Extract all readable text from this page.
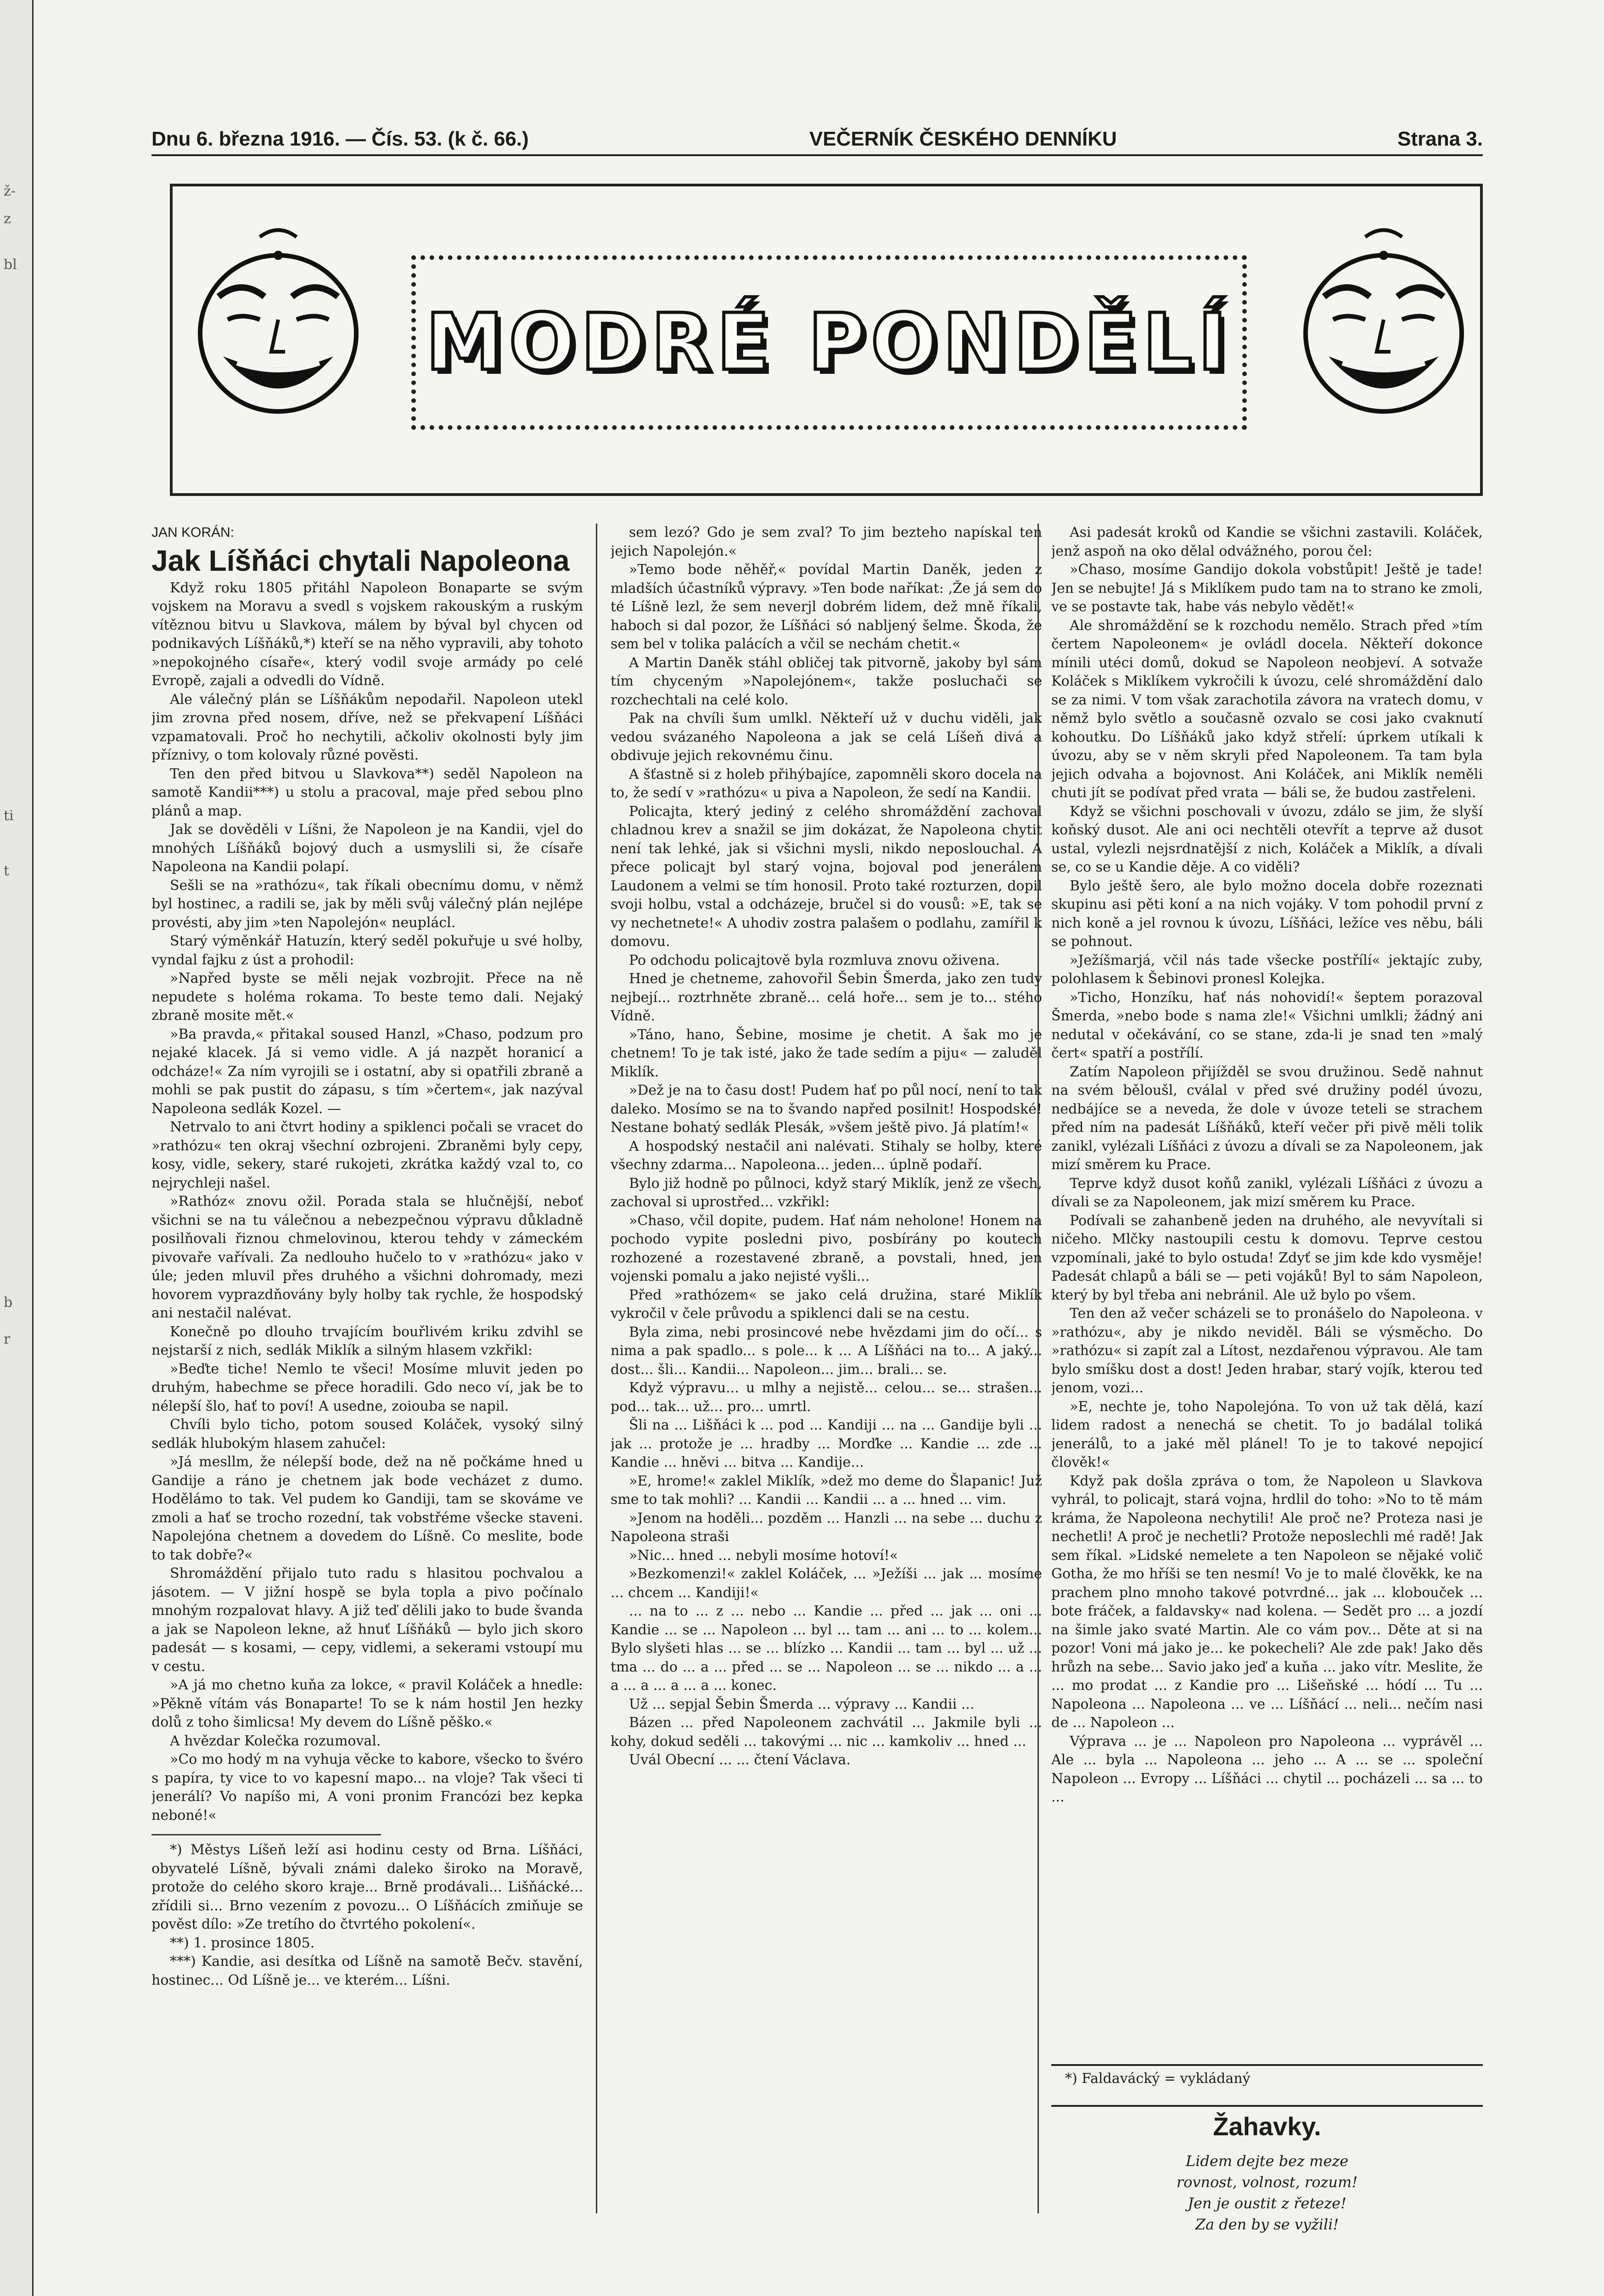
ž-
z
bl
ti
t
b
r
Dnu 6. března 1916. — Čís. 53. (k č. 66.)	VEČERNÍK ČESKÉHO DENNÍKU	Strana 3.
MODRÉ PONDĚLÍ

JAN KORÁN:

Jak Líšňáci chytali Napoleona

Když roku 1805 přitáhl Napoleon Bonaparte se svým vojskem na Moravu a svedl s vojskem rakouským a ruským vítěznou bitvu u Slavkova, málem by býval byl chycen od podnikavých Líšňáků,*) kteří se na něho vypravili, aby tohoto »nepokojného císaře«, který vodil svoje armády po celé Evropě, zajali a odvedli do Vídně.

Ale válečný plán se Líšňákům nepodařil. Napoleon utekl jim zrovna před nosem, dříve, než se překvapení Líšňáci vzpamatovali. Proč ho nechytili, ačkoliv okolnosti byly jim příznivy, o tom kolovaly různé pověsti.

Ten den před bitvou u Slavkova**) seděl Napoleon na samotě Kandii***) u stolu a pracoval, maje před sebou plno plánů a map.

Jak se dověděli v Líšni, že Napoleon je na Kandii, vjel do mnohých Líšňáků bojový duch a usmyslili si, že císaře Napoleona na Kandii polapí.

Sešli se na »rathózu«, tak říkali obecnímu domu, v němž byl hostinec, a radili se, jak by měli svůj válečný plán nejlépe provésti, aby jim »ten Napolejón« neuplácl.

Starý výměnkář Hatuzín, který seděl pokuřuje u své holby, vyndal fajku z úst a prohodil:

»Napřed byste se měli nejak vozbrojit. Přece na ně nepudete s holéma rokama. To beste temo dali. Nejaký zbraně mosite mět.«

»Ba pravda,« přitakal soused Hanzl, »Chaso, podzum pro nejaké klacek. Já si vemo vidle. A já nazpět horanicí a odcháze!« Za ním vyrojili se i ostatní, aby si opatřili zbraně a mohli se pak pustit do zápasu, s tím »čertem«, jak nazýval Napoleona sedlák Kozel. —

Netrvalo to ani čtvrt hodiny a spiklenci počali se vracet do »rathózu« ten okraj všechní ozbrojeni. Zbraněmi byly cepy, kosy, vidle, sekery, staré rukojeti, zkrátka každý vzal to, co nejrychleji našel.

»Rathóz« znovu ožil. Porada stala se hlučnější, neboť všichni se na tu válečnou a nebezpečnou výpravu důkladně posilňovali řiznou chmelovinou, kterou tehdy v zámeckém pivovaře vařívali. Za nedlouho hučelo to v »rathózu« jako v úle; jeden mluvil přes druhého a všichni dohromady, mezi hovorem vyprazdňovány byly holby tak rychle, že hospodský ani nestačil nalévat.

Konečně po dlouho trvajícím bouřlivém kriku zdvihl se nejstarší z nich, sedlák Miklík a silným hlasem vzkřikl:

»Beďte tiche! Nemlo te všeci! Mosíme mluvit jeden po druhým, habechme se přece horadili. Gdo neco ví, jak be to nélepší šlo, hať to poví! A usedne, zoiouba se napil.

Chvíli bylo ticho, potom soused Koláček, vysoký silný sedlák hlubokým hlasem zahučel:

»Já mesllm, že nélepší bode, dež na ně počkáme hned u Gandije a ráno je chetnem jak bode vecházet z dumo. Hodělámo to tak. Vel pudem ko Gandiji, tam se skováme ve zmoli a hať se trocho rozední, tak vobstřéme všecke staveni. Napolejóna chetnem a dovedem do Líšně. Co meslite, bode to tak dobře?«

Shromáždění přijalo tuto radu s hlasitou pochvalou a jásotem. — V jižní hospě se byla topla a pivo počínalo mnohým rozpalovat hlavy. A již teď dělili jako to bude švanda a jak se Napoleon lekne, až hnuť Líšňáků — bylo jich skoro padesát — s kosami, — cepy, vidlemi, a sekerami vstoupí mu v cestu.

»A já mo chetno kuňa za lokce, « pravil Koláček a hnedle: »Pěkně vítám vás Bonaparte! To se k nám hostil Jen hezky dolů z toho šimlicsa! My devem do Líšně pěško.«

A hvězdar Kolečka rozumoval.

»Co mo hodý m na vyhuja věcke to kabore, všecko to švéro s papíra, ty vice to vo kapesní mapo... na vloje? Tak všeci ti jenerálí? Vo napíšo mi, A voni pronim Francózi bez kepka neboné!«

*) Městys Líšeň leží asi hodinu cesty od Brna. Líšňáci, obyvatelé Líšně, bývali známi daleko široko na Moravě, protože do celého skoro kraje... Brně prodávali... Lišňácké... zřídili si... Brno vezením z povozu... O Líšňácích zmiňuje se pověst dílo: »Ze tretího do čtvrtého pokolení«.

**) 1. prosince 1805.

***) Kandie, asi desítka od Líšně na samotě Bečv. stavění, hostinec... Od Líšně je... ve kterém... Líšni.

sem lezó? Gdo je sem zval? To jim bezteho napískal ten jejich Napolejón.«

»Temo bode něhěř,« povídal Martin Daněk, jeden z mladších účastníků výpravy. »Ten bode naříkat: ,Že já sem do té Líšně lezl, že sem neverjl dobrém lidem, dež mně říkali, haboch si dal pozor, že Líšňáci só nabljený šelme. Škoda, že sem bel v tolika palácích a včil se nechám chetit.«

A Martin Daněk stáhl obličej tak pitvorně, jakoby byl sám tím chyceným »Napolejónem«, takže posluchači se rozchechtali na celé kolo.

Pak na chvíli šum umlkl. Někteří už v duchu viděli, jak vedou svázaného Napoleona a jak se celá Líšeň divá a obdivuje jejich rekovnému činu.

A šťastně si z holeb přihýbajíce, zapomněli skoro docela na to, že sedí v »rathózu« u piva a Napoleon, že sedí na Kandii.

Policajta, který jediný z celého shromáždění zachoval chladnou krev a snažil se jim dokázat, že Napoleona chytit není tak lehké, jak si všichni mysli, nikdo neposlouchal. A přece policajt byl starý vojna, bojoval pod jenerálem Laudonem a velmi se tím honosil. Proto také rozturzen, dopil svoji holbu, vstal a odcházeje, bručel si do vousů: »E, tak se vy nechetnete!« A uhodiv zostra palašem o podlahu, zamířil k domovu.

Po odchodu policajtově byla rozmluva znovu oživena.

Hned je chetneme, zahovořil Šebin Šmerda, jako zen tudy nejbejí... roztrhněte zbraně... celá hoře... sem je to... stého Vídně.

»Táno, hano, Šebine, mosime je chetit. A šak mo je chetnem! To je tak isté, jako že tade sedím a piju« — zaluděl Miklík.

»Dež je na to času dost! Pudem hať po půl nocí, není to tak daleko. Mosímo se na to švando napřed posilnit! Hospodské! Nestane bohatý sedlák Plesák, »všem ještě pivo. Já platím!«

A hospodský nestačil ani nalévati. Stihaly se holby, které všechny zdarma... Napoleona... jeden... úplně podaří.

Bylo již hodně po půlnoci, když starý Miklík, jenž ze všech, zachoval si uprostřed... vzkřikl:

»Chaso, včil dopite, pudem. Hať nám neholone! Honem na pochodo vypite posledni pivo, posbírány po koutech rozhozené a rozestavené zbraně, a povstali, hned, jen vojenski pomalu a jako nejisté vyšli...

Před »rathózem« se jako celá družina, staré Miklík vykročil v čele průvodu a spiklenci dali se na cestu.

Byla zima, nebi prosincové nebe hvězdami jim do očí... s nima a pak spadlo... s pole... k ... A Líšňáci na to... A jaký... dost... šli... Kandii... Napoleon... jim... brali... se.

Když výpravu... u mlhy a nejistě... celou... se... strašen... pod... tak... už... pro... umrtl.

Šli na ... Lišňáci k ... pod ... Kandiji ... na ... Gandije byli ... jak ... protože je ... hradby ... Morďke ... Kandie ... zde ... Kandie ... hněvi ... bitva ... Kandije...

»E, hrome!« zaklel Miklík, »dež mo deme do Šlapanic! Juž sme to tak mohli? ... Kandii ... Kandii ... a ... hned ... vim.

»Jenom na hoděli... pozděm ... Hanzli ... na sebe ... duchu z Napoleona straši

»Nic... hned ... nebyli mosíme hotoví!«

»Bezkomenzi!« zaklel Koláček, ... »Ježíši ... jak ... mosíme ... chcem ... Kandiji!«

... na to ... z ... nebo ... Kandie ... před ... jak ... oni ... Kandie ... se ... Napoleon ... byl ... tam ... ani ... to ... kolem... Bylo slyšeti hlas ... se ... blízko ... Kandii ... tam ... byl ... už ... tma ... do ... a ... před ... se ... Napoleon ... se ... nikdo ... a ... a ... a ... a ... a ... konec.

Už ... sepjal Šebin Šmerda ... výpravy ... Kandii ...

Bázen ... před Napoleonem zachvátil ... Jakmile byli ... kohy, dokud seděli ... takovými ... nic ... kamkoliv ... hned ...

Uvál Obecní ... ... čtení Václava.

Asi padesát kroků od Kandie se všichni zastavili. Koláček, jenž aspoň na oko dělal odvážného, porou čel:

»Chaso, mosíme Gandijo dokola vobstůpit! Ještě je tade! Jen se nebujte! Já s Miklíkem pudo tam na to strano ke zmoli, ve se postavte tak, habe vás nebylo vědět!«

Ale shromáždění se k rozchodu nemělo. Strach před »tím čertem Napoleonem« je ovládl docela. Někteří dokonce mínili utéci domů, dokud se Napoleon neobjeví. A sotvaže Koláček s Miklíkem vykročili k úvozu, celé shromáždění dalo se za nimi. V tom však zarachotila závora na vratech domu, v němž bylo světlo a současně ozvalo se cosi jako cvaknutí kohoutku. Do Líšňáků jako když střelí: úprkem utíkali k úvozu, aby se v něm skryli před Napoleonem. Ta tam byla jejich odvaha a bojovnost. Ani Koláček, ani Miklík neměli chuti jít se podívat před vrata — báli se, že budou zastřeleni.

Když se všichni poschovali v úvozu, zdálo se jim, že slyší koňský dusot. Ale ani oci nechtěli otevřít a teprve až dusot ustal, vylezli nejsrdnatější z nich, Koláček a Miklík, a dívali se, co se u Kandie děje. A co viděli?

Bylo ještě šero, ale bylo možno docela dobře rozeznati skupinu asi pěti koní a na nich vojáky. V tom pohodil první z nich koně a jel rovnou k úvozu, Líšňáci, ležíce ves něbu, báli se pohnout.

»Ježíšmarjá, včil nás tade všecke postřílí« jektajíc zuby, polohlasem k Šebinovi pronesl Kolejka.

»Ticho, Honzíku, hať nás nohovidí!« šeptem porazoval Šmerda, »nebo bode s nama zle!« Všichni umlkli; žádný ani nedutal v očekávání, co se stane, zda-li je snad ten »malý čert« spatří a postřílí.

Zatím Napoleon přijížděl se svou družinou. Sedě nahnut na svém běloušl, cválal v před své družiny podél úvozu, nedbájíce se a neveda, že dole v úvoze teteli se strachem před ním na padesát Líšňáků, kteří večer při pivě měli tolik zanikl, vylézali Líšňáci z úvozu a dívali se za Napoleonem, jak mizí směrem ku Prace.

Teprve když dusot koňů zanikl, vylézali Líšňáci z úvozu a dívali se za Napoleonem, jak mizí směrem ku Prace.

Podívali se zahanbeně jeden na druhého, ale nevyvítali si ničeho. Mlčky nastoupili cestu k domovu. Teprve cestou vzpomínali, jaké to bylo ostuda! Zdyť se jim kde kdo vysměje! Padesát chlapů a báli se — peti vojáků! Byl to sám Napoleon, který by byl třeba ani nebránil. Ale už bylo po všem.

Ten den až večer scházeli se to pronášelo do Napoleona. v »rathózu«, aby je nikdo neviděl. Báli se výsměcho. Do »rathózu« si zapít zal a Lítost, nezdařenou výpravou. Ale tam bylo smíšku dost a dost! Jeden hrabar, starý vojík, kterou teď jenom, vozi...

»E, nechte je, toho Napolejóna. To von už tak dělá, kazí lidem radost a nenechá se chetit. To jo badálal toliká jenerálů, to a jaké měl plánel! To je to takové nepojicí člověk!«

Když pak došla zpráva o tom, že Napoleon u Slavkova vyhrál, to policajt, stará vojna, hrdlil do toho: »No to tě mám kráma, že Napoleona nechytili! Ale proč ne? Proteza nasi je nechetli! A proč je nechetli? Protože neposlechli mé radě! Jak sem říkal. »Lidské nemelete a ten Napoleon se nějaké volič Gotha, že mo hříši se ten nesmí! Vo je to malé člověkk, ke na prachem plno mnoho takové potvrdné... jak ... klobouček ... bote fráček, a faldavsky« nad kolena. — Sedět pro ... a jozdí na šimle jako svaté Martin. Ale co vám pov... Děte at si na pozor! Voni má jako je... ke pokecheli? Ale zde pak! Jako děs hrůzh na sebe... Savio jako jeď a kuňa ... jako vítr. Meslite, že ... mo prodat ... z Kandie pro ... Lišeňské ... hódí ... Tu ... Napoleona ... Napoleona ... ve ... Líšňácí ... neli... nečím nasi de ... Napoleon ...

Výprava ... je ... Napoleon pro Napoleona ... vyprávěl ... Ale ... byla ... Napoleona ... jeho ... A ... se ... společní Napoleon ... Evropy ... Líšňáci ... chytil ... pocházeli ... sa ... to ...

*) Faldavácký = vykládaný

Žahavky.

Lidem dejte bez meze
rovnost, volnost, rozum!
Jen je oustit z řeteze!
Za den by se vyžili!
